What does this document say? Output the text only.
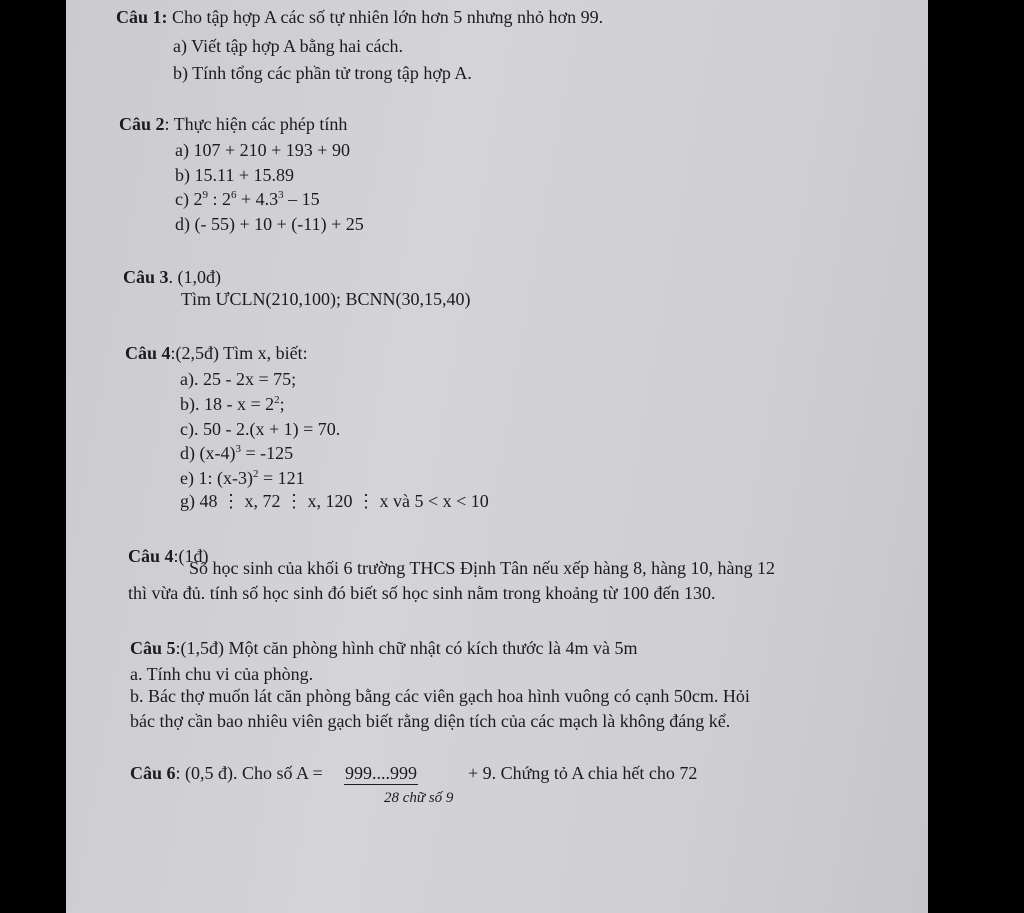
Câu 1: Cho tập hợp A các số tự nhiên lớn hơn 5 nhưng nhỏ hơn 99.
a) Viết tập hợp A bằng hai cách.
b) Tính tổng các phần tử trong tập hợp A.
Câu 2: Thực hiện các phép tính
a) 107 + 210 + 193 + 90
b) 15.11 + 15.89
c) $2^9$ : $2^6 + 4.3^3 - 15$
d) (- 55) + 10 + (-11) + 25
Câu 3. (1,0đ)
Tìm ƯCLN(210,100); BCNN(30,15,40)
Câu 4:(2,5đ) Tìm x, biết:
a). 25 - 2x = 75;
b). $18 - x = 2^2$;
c). 50 - 2.(x + 1) = 70.
d) $(x-4)^3 = -125$
e) 1: $(x-3)^2 = 121$
g) 48 ⋮ x, 72 ⋮ x, 120 ⋮ x và 5 < x < 10
Câu 4:(1đ)
Số học sinh của khối 6 trường THCS Định Tân nếu xếp hàng 8, hàng 10, hàng 12
thì vừa đủ. tính số học sinh đó biết số học sinh nằm trong khoảng từ 100 đến 130.
Câu 5:(1,5đ) Một căn phòng hình chữ nhật có kích thước là 4m và 5m
a. Tính chu vi của phòng.
b. Bác thợ muốn lát căn phòng bằng các viên gạch hoa hình vuông có cạnh 50cm. Hỏi
bác thợ cần bao nhiêu viên gạch biết rằng diện tích của các mạch là không đáng kể.
Câu 6: (0,5 đ). Cho số A = 999....999
28 chữ số 9
+ 9. Chứng tỏ A chia hết cho 72
